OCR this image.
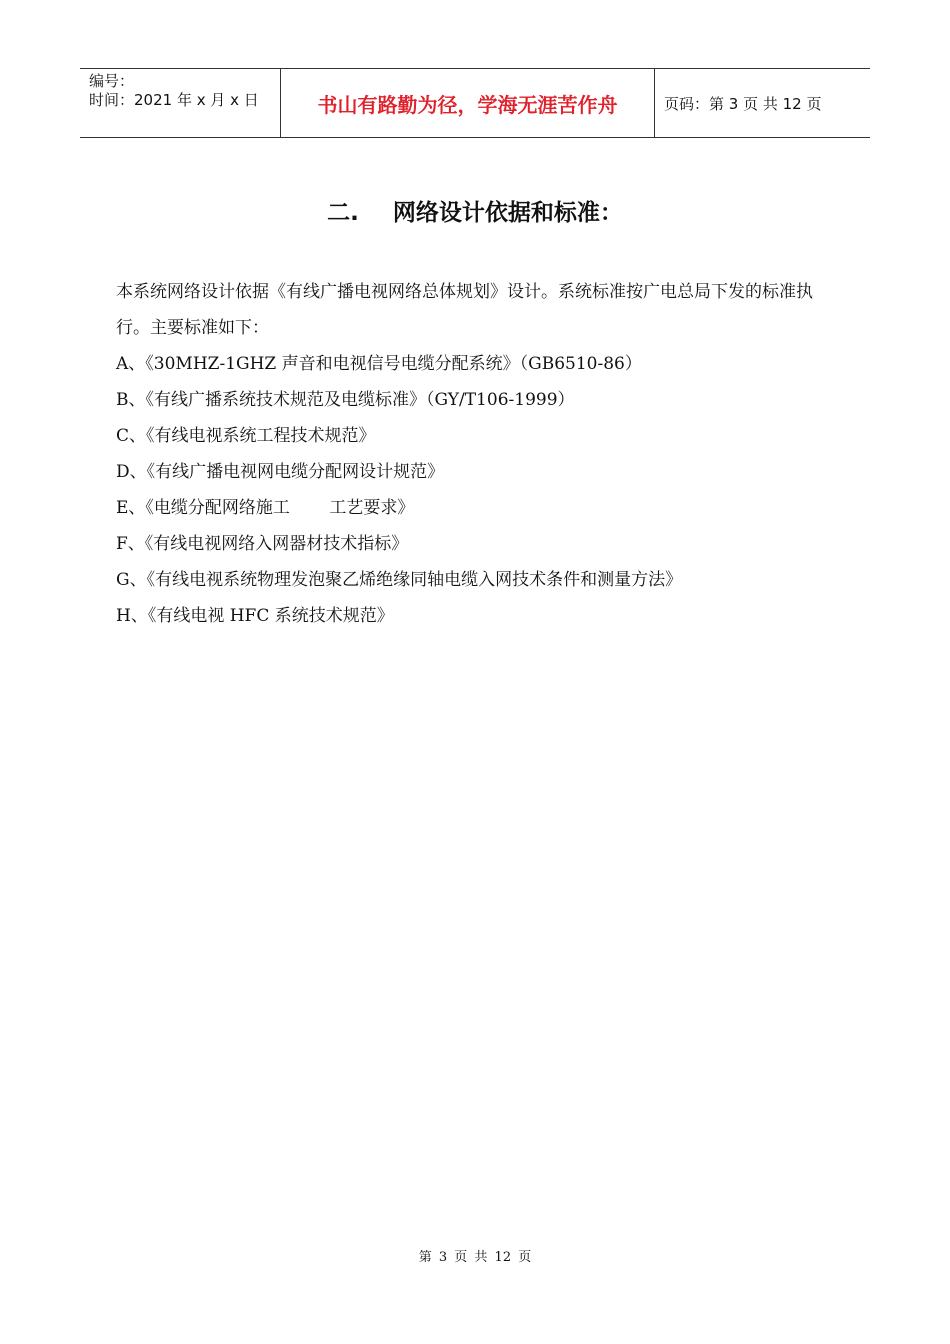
编号：
时间：2021 年 x 月 x 日	书山有路勤为径，学海无涯苦作舟	页码：第 3 页 共 12 页
二. 网络设计依据和标准：

本系统网络设计依据《有线广播电视网络总体规划》设计。系统标准按广电总局下发的标准执行。主要标准如下：

A、《30MHZ-1GHZ 声音和电视信号电缆分配系统》（GB6510-86）
B、《有线广播系统技术规范及电缆标准》（GY/T106-1999）
C、《有线电视系统工程技术规范》
D、《有线广播电视网电缆分配网设计规范》
E、《电缆分配网络施工　　 工艺要求》
F、《有线电视网络入网器材技术指标》
G、《有线电视系统物理发泡聚乙烯绝缘同轴电缆入网技术条件和测量方法》
H、《有线电视 HFC 系统技术规范》
第 3 页 共 12 页
